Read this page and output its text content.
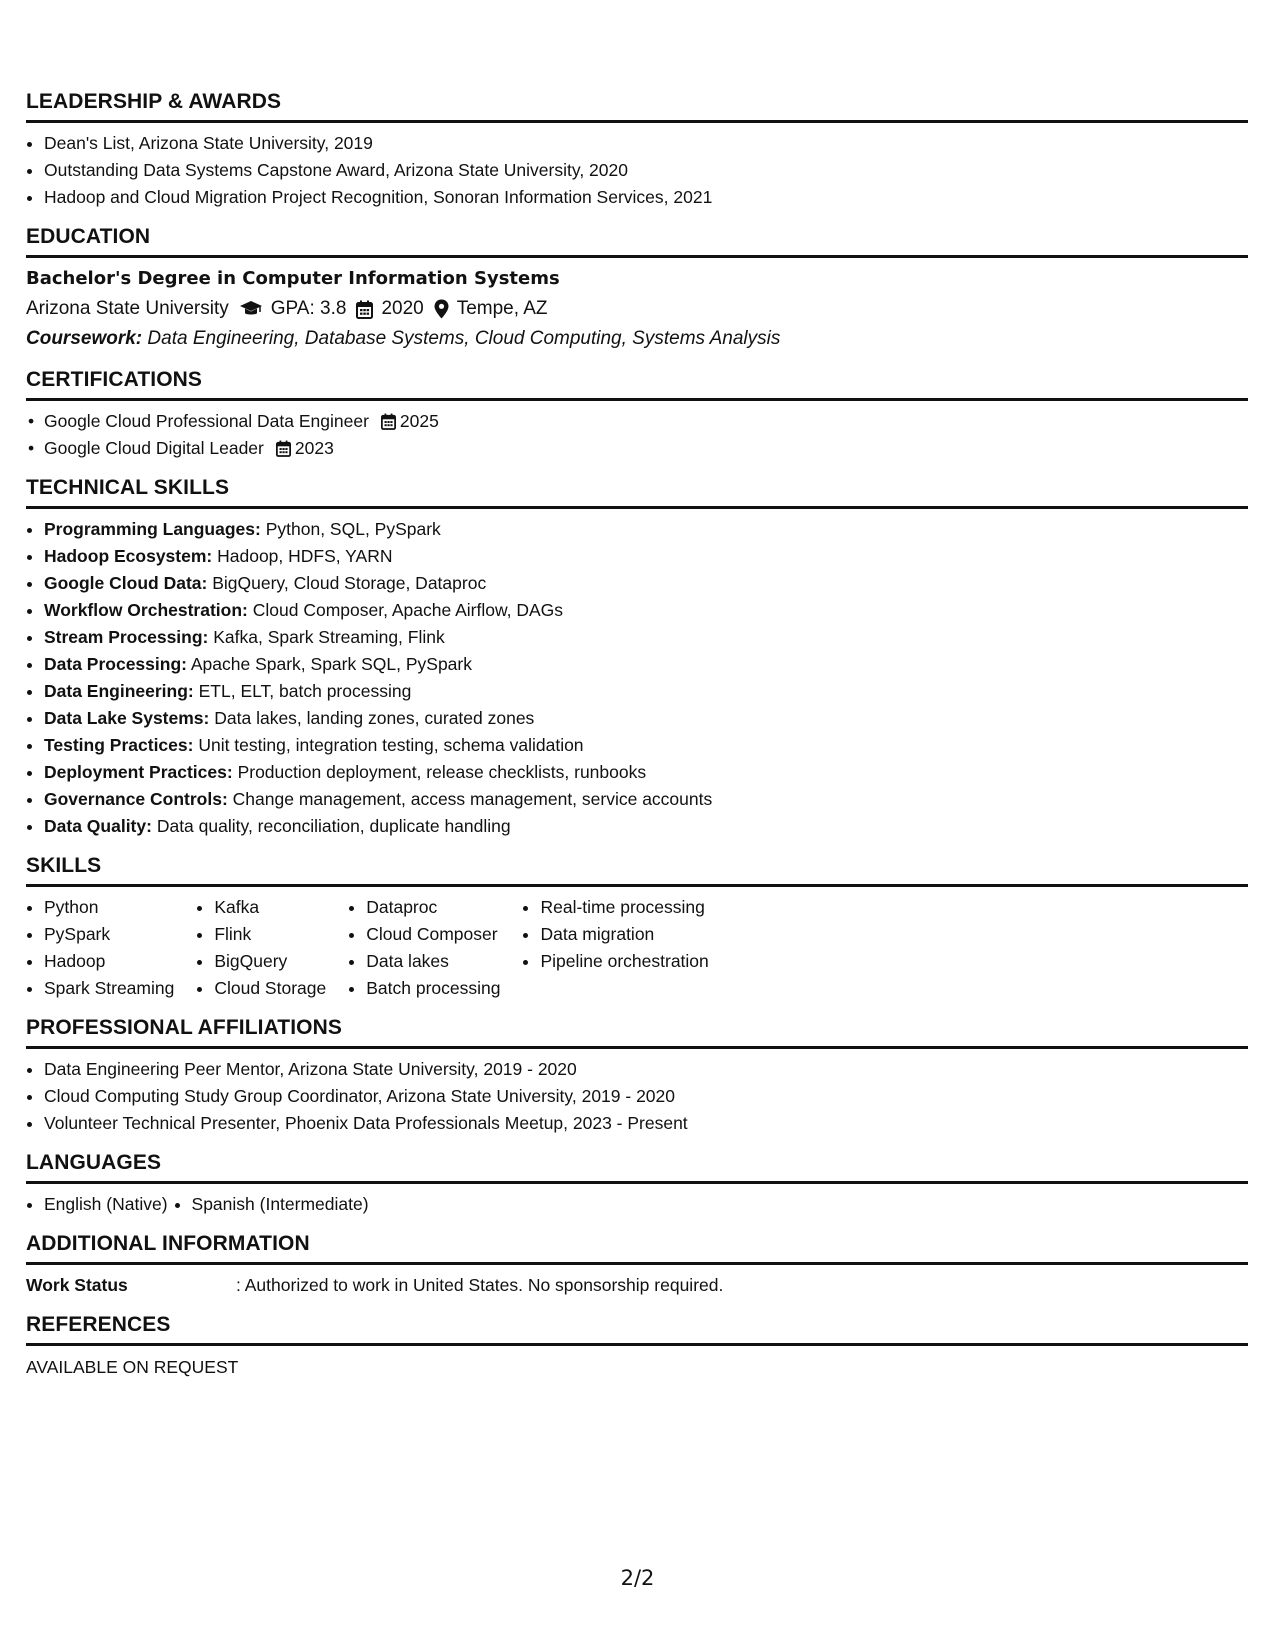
LEADERSHIP & AWARDS
• Dean's List, Arizona State University, 2019
• Outstanding Data Systems Capstone Award, Arizona State University, 2020
• Hadoop and Cloud Migration Project Recognition, Sonoran Information Services, 2021
EDUCATION
Bachelor's Degree in Computer Information Systems
Arizona State University GPA: 3.8 2020 Tempe, AZ
Coursework: Data Engineering, Database Systems, Cloud Computing, Systems Analysis
CERTIFICATIONS
• Google Cloud Professional Data Engineer 2025
• Google Cloud Digital Leader 2023
TECHNICAL SKILLS
• Programming Languages: Python, SQL, PySpark
• Hadoop Ecosystem: Hadoop, HDFS, YARN
• Google Cloud Data: BigQuery, Cloud Storage, Dataproc
• Workflow Orchestration: Cloud Composer, Apache Airflow, DAGs
• Stream Processing: Kafka, Spark Streaming, Flink
• Data Processing: Apache Spark, Spark SQL, PySpark
• Data Engineering: ETL, ELT, batch processing
• Data Lake Systems: Data lakes, landing zones, curated zones
• Testing Practices: Unit testing, integration testing, schema validation
• Deployment Practices: Production deployment, release checklists, runbooks
• Governance Controls: Change management, access management, service accounts
• Data Quality: Data quality, reconciliation, duplicate handling
SKILLS
• Python
• PySpark
• Hadoop
• Spark Streaming
• Kafka
• Flink
• BigQuery
• Cloud Storage
• Dataproc
• Cloud Composer
• Data lakes
• Batch processing
• Real-time processing
• Data migration
• Pipeline orchestration
PROFESSIONAL AFFILIATIONS
• Data Engineering Peer Mentor, Arizona State University, 2019 - 2020
• Cloud Computing Study Group Coordinator, Arizona State University, 2019 - 2020
• Volunteer Technical Presenter, Phoenix Data Professionals Meetup, 2023 - Present
LANGUAGES
• English (Native)
• Spanish (Intermediate)
ADDITIONAL INFORMATION
Work Status	: Authorized to work in United States. No sponsorship required.
REFERENCES
AVAILABLE ON REQUEST
2/2
